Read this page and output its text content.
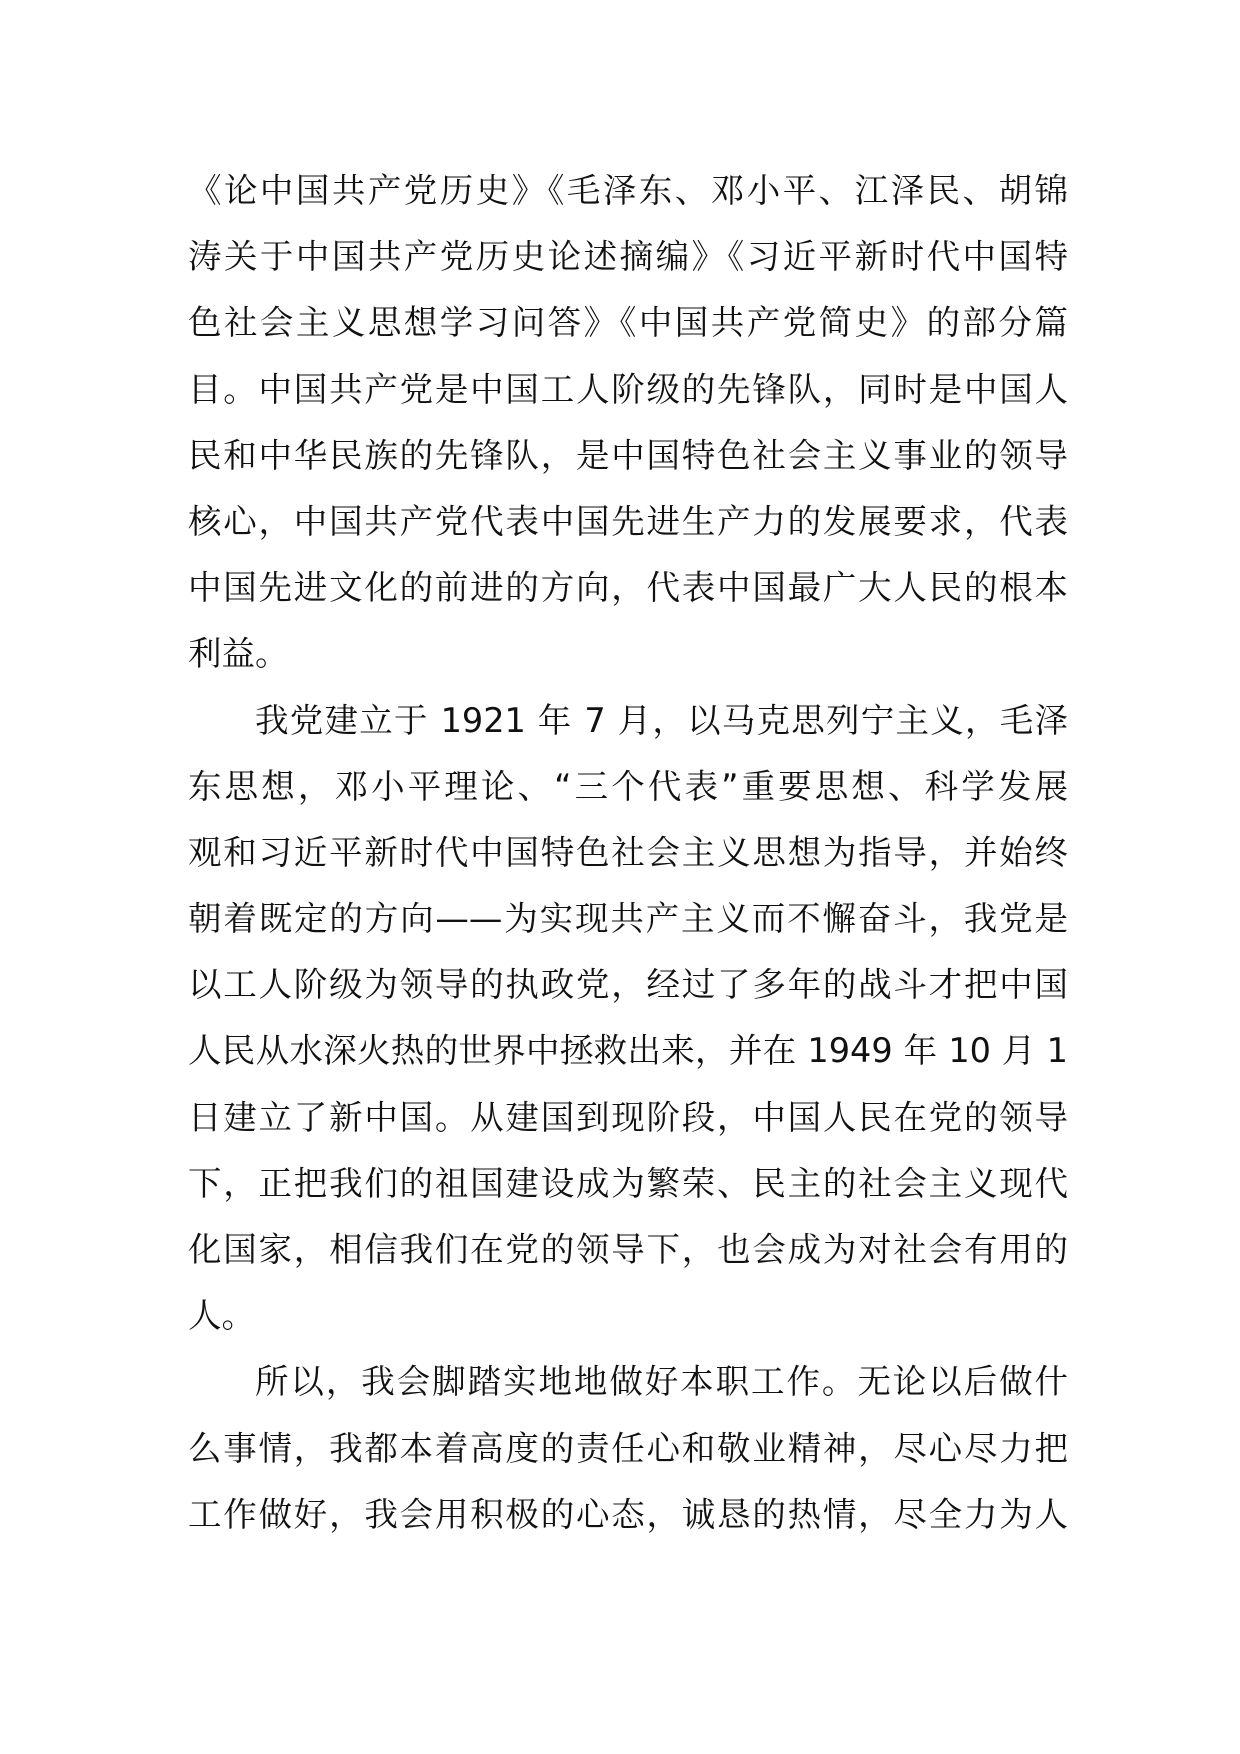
《论中国共产党历史》《毛泽东、邓小平、江泽民、胡锦
涛关于中国共产党历史论述摘编》《习近平新时代中国特
色社会主义思想学习问答》《中国共产党简史》的部分篇
目。中国共产党是中国工人阶级的先锋队，同时是中国人
民和中华民族的先锋队，是中国特色社会主义事业的领导
核心，中国共产党代表中国先进生产力的发展要求，代表
中国先进文化的前进的方向，代表中国最广大人民的根本
利益。
我党建立于 1921 年 7 月，以马克思列宁主义，毛泽
东思想，邓小平理论、“三个代表”重要思想、科学发展
观和习近平新时代中国特色社会主义思想为指导，并始终
朝着既定的方向——为实现共产主义而不懈奋斗，我党是
以工人阶级为领导的执政党，经过了多年的战斗才把中国
人民从水深火热的世界中拯救出来，并在 1949 年 10 月 1
日建立了新中国。从建国到现阶段，中国人民在党的领导
下，正把我们的祖国建设成为繁荣、民主的社会主义现代
化国家，相信我们在党的领导下，也会成为对社会有用的
人。
所以，我会脚踏实地地做好本职工作。无论以后做什
么事情，我都本着高度的责任心和敬业精神，尽心尽力把
工作做好，我会用积极的心态，诚恳的热情，尽全力为人
